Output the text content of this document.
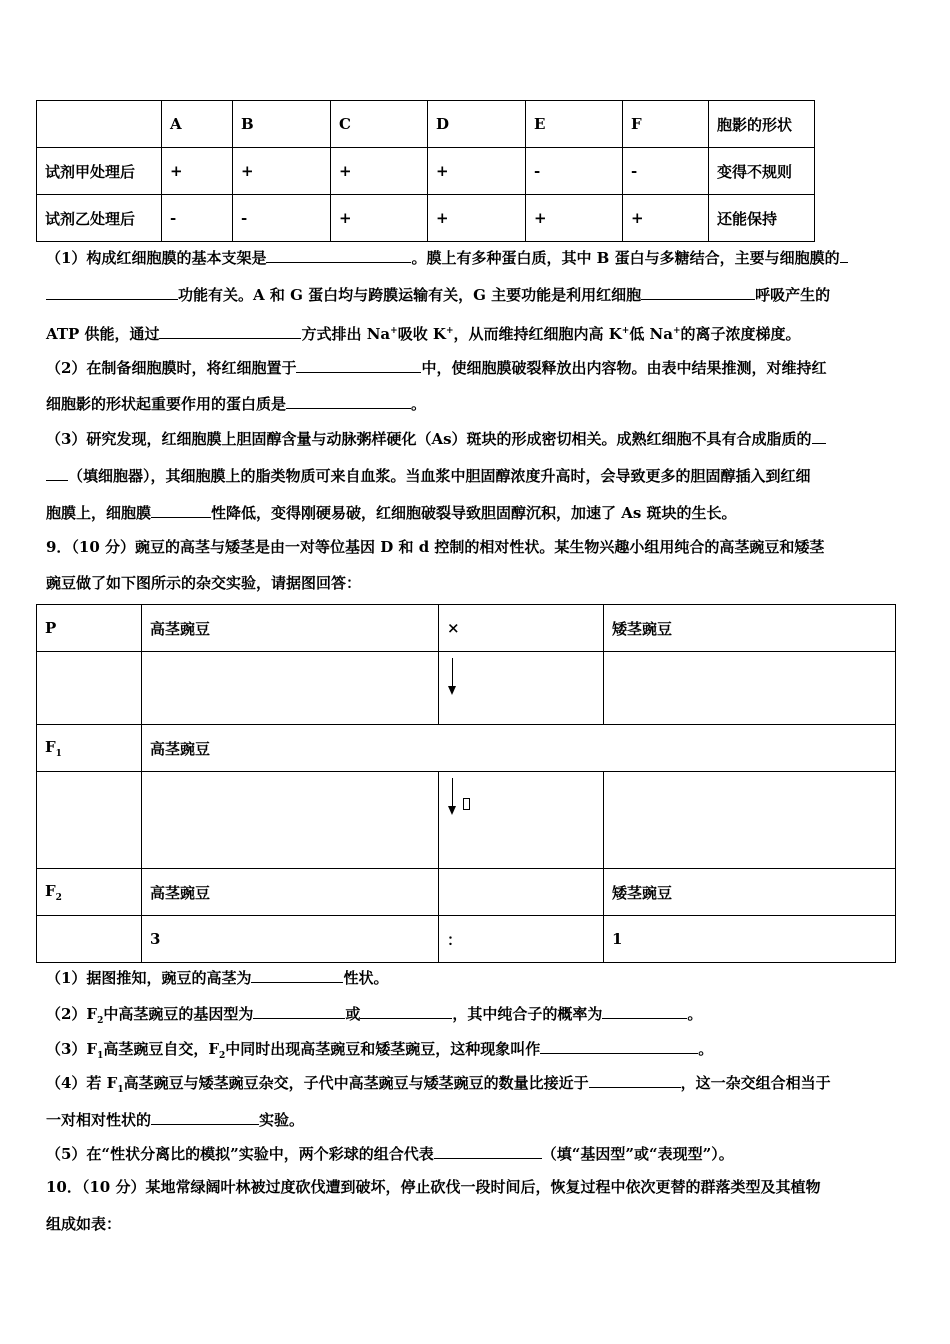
	A	B	C	D	E	F	胞影的形状
试剂甲处理后	+	+	+	+	-	-	变得不规则
试剂乙处理后	-	-	+	+	+	+	还能保持
（1）构成红细胞膜的基本支架是	。膜上有多种蛋白质，其中 B 蛋白与多糖结合，主要与细胞膜的
功能有关。A 和 G 蛋白均与跨膜运输有关，G 主要功能是利用红细胞	呼吸产生的
ATP 供能，通过	方式排出 Na+吸收 K+，从而维持红细胞内高 K+低 Na+的离子浓度梯度。
（2）在制备细胞膜时，将红细胞置于	中，使细胞膜破裂释放出内容物。由表中结果推测，对维持红
细胞影的形状起重要作用的蛋白质是	。
（3）研究发现，红细胞膜上胆固醇含量与动脉粥样硬化（As）斑块的形成密切相关。成熟红细胞不具有合成脂质的
（填细胞器），其细胞膜上的脂类物质可来自血浆。当血浆中胆固醇浓度升高时，会导致更多的胆固醇插入到红细
胞膜上，细胞膜	性降低，变得刚硬易破，红细胞破裂导致胆固醇沉积，加速了 As 斑块的生长。
9．（10 分）豌豆的高茎与矮茎是由一对等位基因 D 和 d 控制的相对性状。某生物兴趣小组用纯合的高茎豌豆和矮茎
豌豆做了如下图所示的杂交实验，请据图回答：
P	高茎豌豆	×	矮茎豌豆

$F_1$	高茎豌豆		

$F_2$	高茎豌豆		矮茎豌豆
	3	：	1
（1）据图推知，豌豆的高茎为	性状。
$(2)F_2$中高茎豌豆的基因型为	或	，其中纯合子的概率为	。
$(3)F_1$高茎豌豆自交，$F_2$中同时出现高茎豌豆和矮茎豌豆，这种现象叫作	。
（4）若 $F_1$高茎豌豆与矮茎豌豆杂交，子代中高茎豌豆与矮茎豌豆的数量比接近于	，这一杂交组合相当于
一对相对性状的	实验。
（5）在“性状分离比的模拟”实验中，两个彩球的组合代表	（填“基因型”或“表现型”）。
10．（10 分）某地常绿阔叶林被过度砍伐遭到破坏，停止砍伐一段时间后，恢复过程中依次更替的群落类型及其植物
组成如表：
